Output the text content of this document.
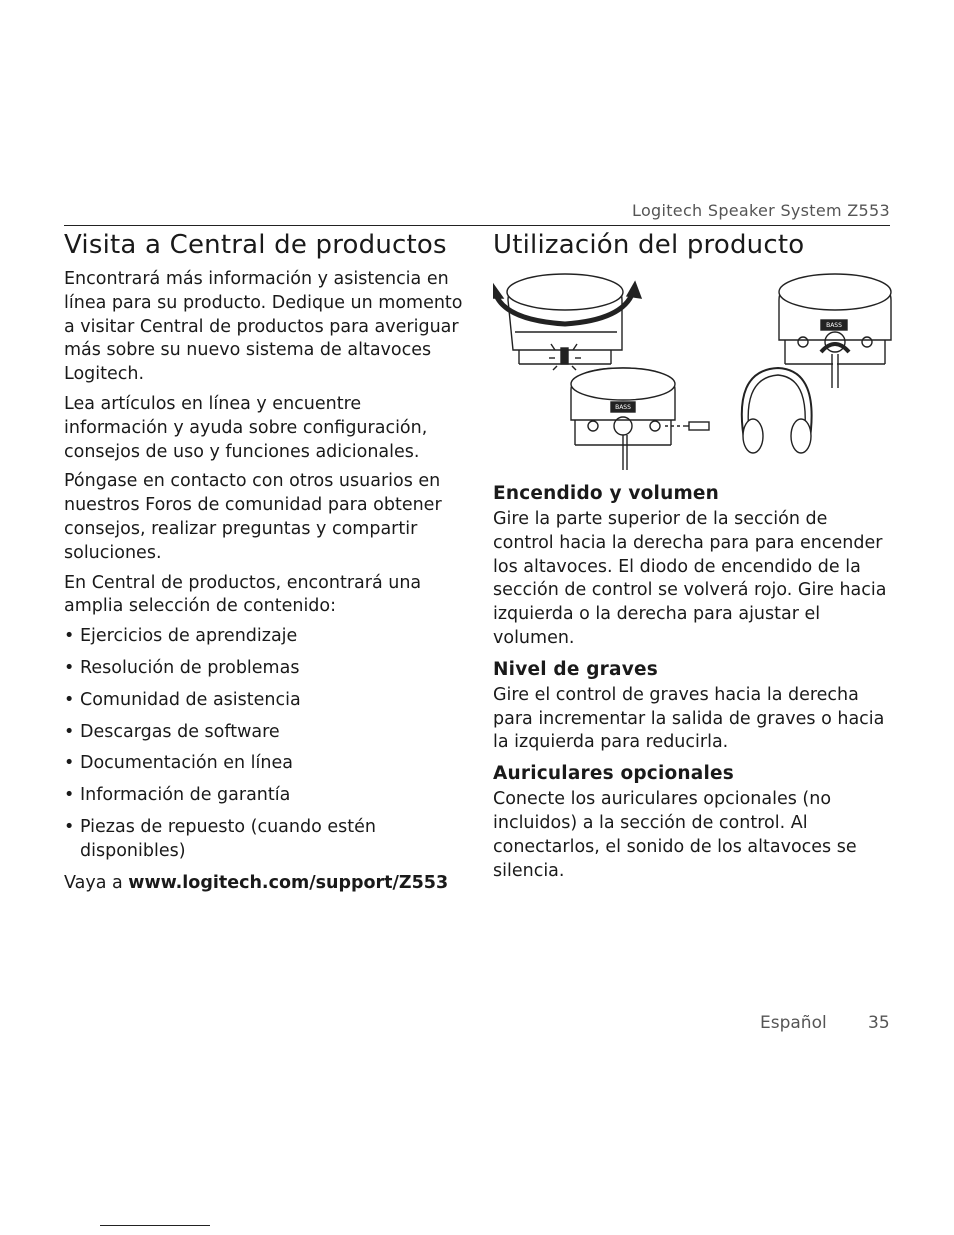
Logitech Speaker System Z553
Visita a Central de productos

Encontrará más información y asistencia en línea para su producto. Dedique un momento a visitar Central de productos para averiguar más sobre su nuevo sistema de altavoces Logitech.

Lea artículos en línea y encuentre información y ayuda sobre configuración, consejos de uso y funciones adicionales.

Póngase en contacto con otros usuarios en nuestros Foros de comunidad para obtener consejos, realizar preguntas y compartir soluciones.

En Central de productos, encontrará una amplia selección de contenido:

• Ejercicios de aprendizaje
• Resolución de problemas
• Comunidad de asistencia
• Descargas de software
• Documentación en línea
• Información de garantía
• Piezas de repuesto (cuando estén disponibles)

Vaya a www.logitech.com/support/Z553

Utilización del producto
BASS
BASS
Encendido y volumen

Gire la parte superior de la sección de control hacia la derecha para para encender los altavoces. El diodo de encendido de la sección de control se volverá rojo. Gire hacia izquierda o la derecha para ajustar el volumen.

Nivel de graves

Gire el control de graves hacia la derecha para incrementar la salida de graves o hacia la izquierda para reducirla.

Auriculares opcionales

Conecte los auriculares opcionales (no incluidos) a la sección de control. Al conectarlos, el sonido de los altavoces se silencia.

Español 35
